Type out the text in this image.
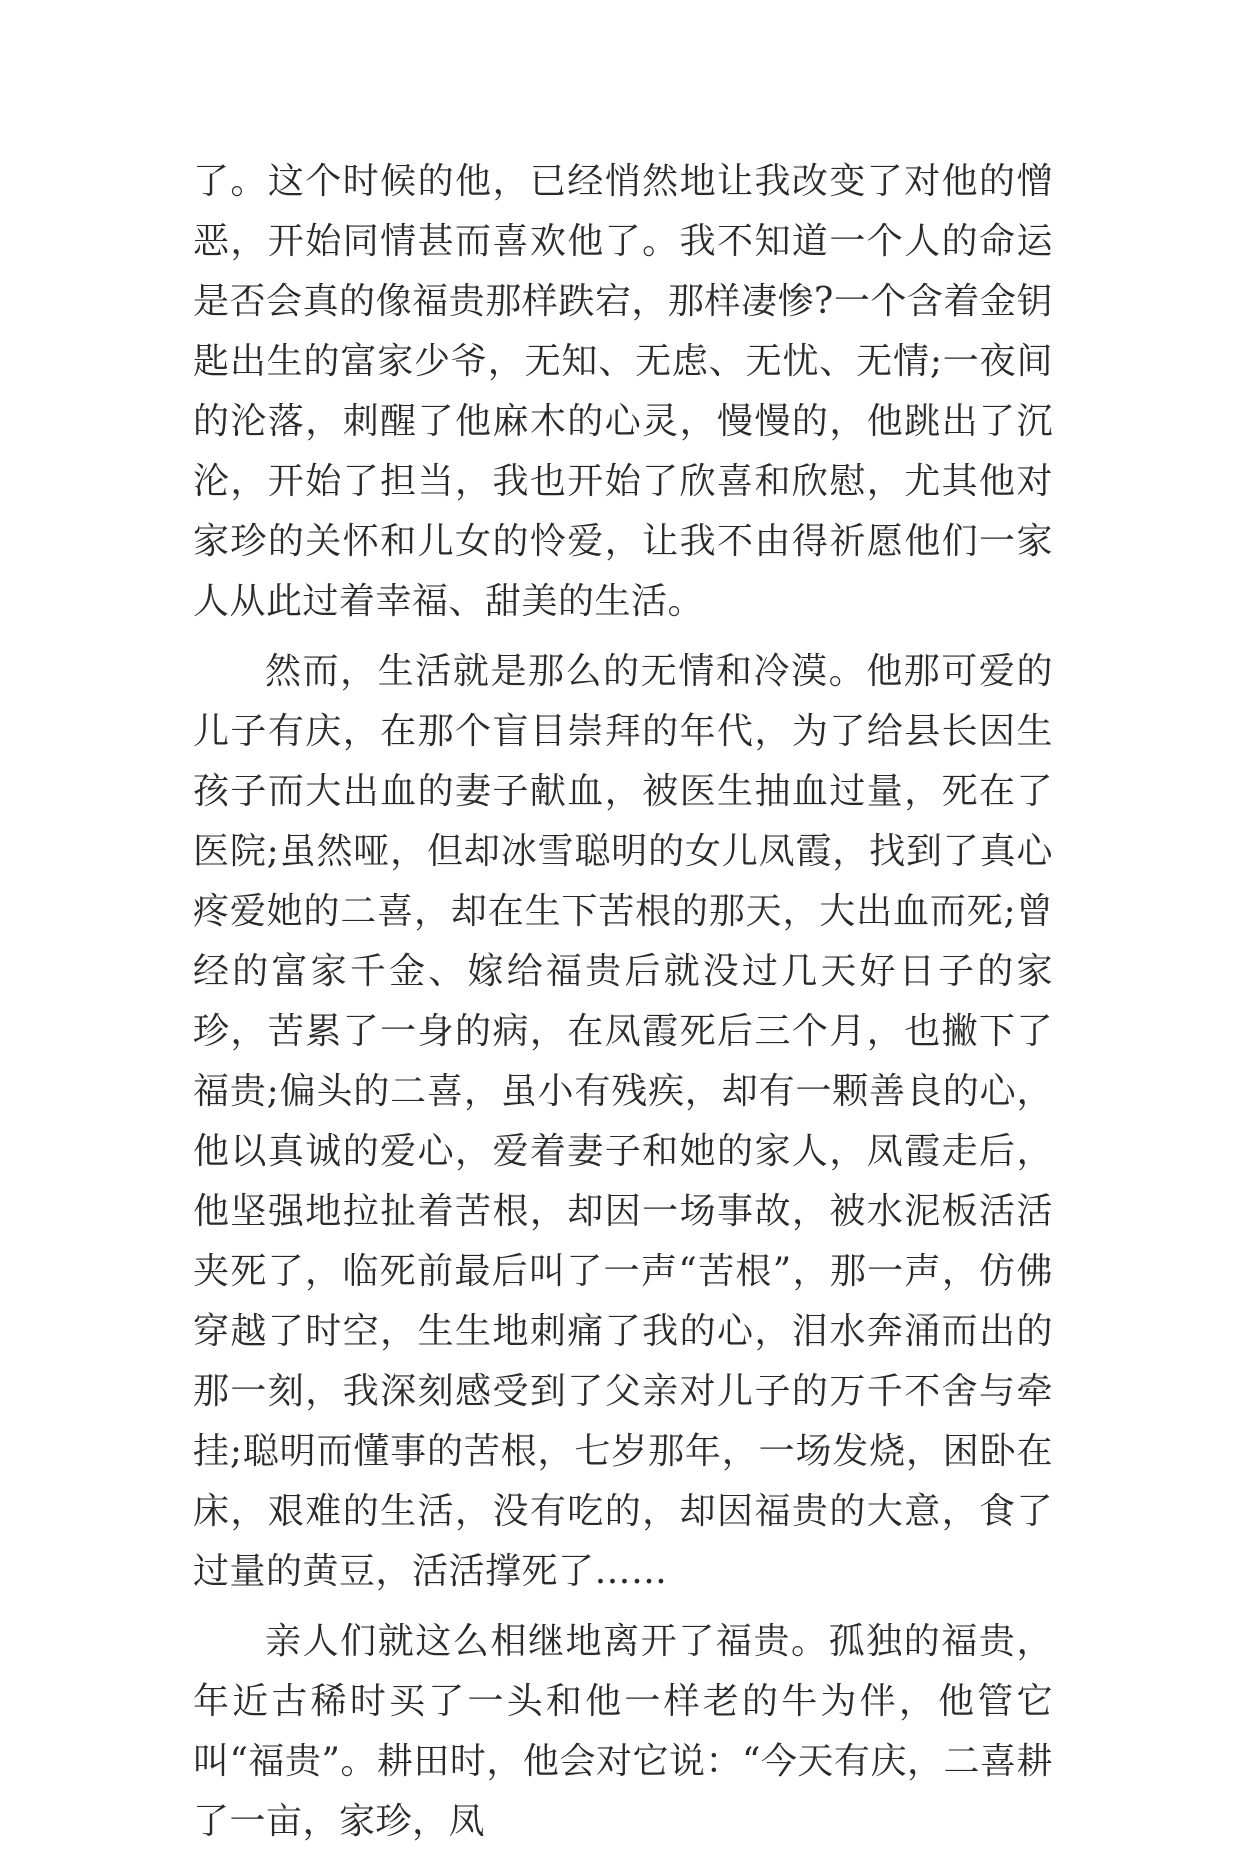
了。这个时候的他，已经悄然地让我改变了对他的憎恶，开始同情甚而喜欢他了。我不知道一个人的命运是否会真的像福贵那样跌宕，那样凄惨?一个含着金钥匙出生的富家少爷，无知、无虑、无忧、无情;一夜间的沦落，刺醒了他麻木的心灵，慢慢的，他跳出了沉沦，开始了担当，我也开始了欣喜和欣慰，尤其他对家珍的关怀和儿女的怜爱，让我不由得祈愿他们一家人从此过着幸福、甜美的生活。

然而，生活就是那么的无情和冷漠。他那可爱的儿子有庆，在那个盲目崇拜的年代，为了给县长因生孩子而大出血的妻子献血，被医生抽血过量，死在了医院;虽然哑，但却冰雪聪明的女儿凤霞，找到了真心疼爱她的二喜，却在生下苦根的那天，大出血而死;曾经的富家千金、嫁给福贵后就没过几天好日子的家珍，苦累了一身的病，在凤霞死后三个月，也撇下了福贵;偏头的二喜，虽小有残疾，却有一颗善良的心，他以真诚的爱心，爱着妻子和她的家人，凤霞走后，他坚强地拉扯着苦根，却因一场事故，被水泥板活活夹死了，临死前最后叫了一声“苦根”，那一声，仿佛穿越了时空，生生地刺痛了我的心，泪水奔涌而出的那一刻，我深刻感受到了父亲对儿子的万千不舍与牵挂;聪明而懂事的苦根，七岁那年，一场发烧，困卧在床，艰难的生活，没有吃的，却因福贵的大意，食了过量的黄豆，活活撑死了……

亲人们就这么相继地离开了福贵。孤独的福贵，年近古稀时买了一头和他一样老的牛为伴，他管它叫“福贵”。耕田时，他会对它说：“今天有庆，二喜耕了一亩，家珍，凤
